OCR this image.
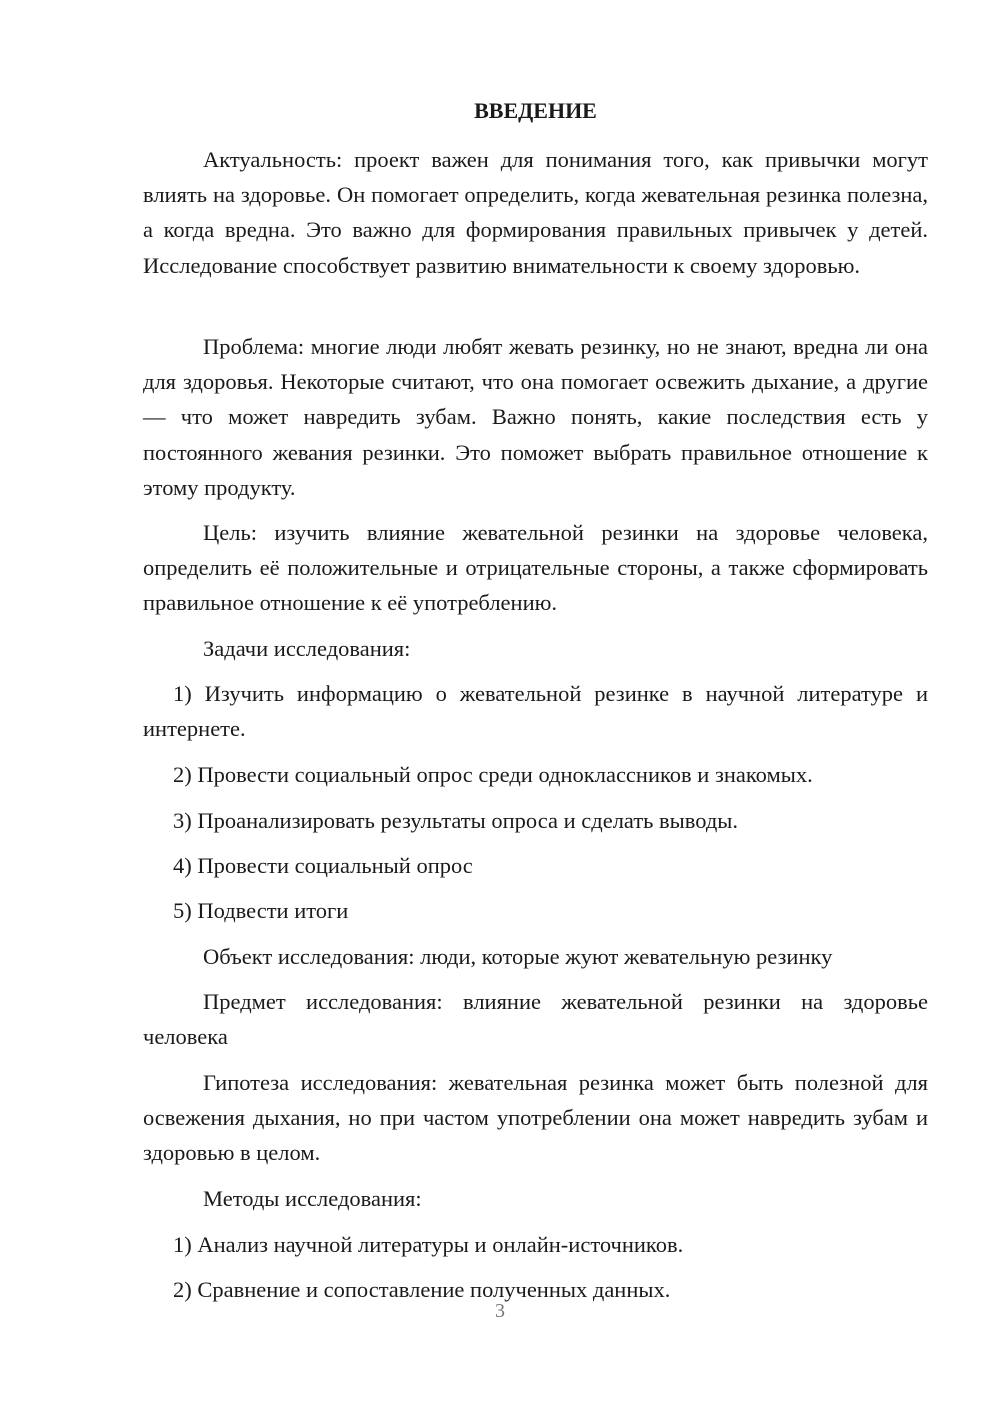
ВВЕДЕНИЕ

Актуальность: проект важен для понимания того, как привычки могут влиять на здоровье. Он помогает определить, когда жевательная резинка полезна, а когда вредна. Это важно для формирования правильных привычек у детей. Исследование способствует развитию внимательности к своему здоровью.

Проблема: многие люди любят жевать резинку, но не знают, вредна ли она для здоровья. Некоторые считают, что она помогает освежить дыхание, а другие — что может навредить зубам. Важно понять, какие последствия есть у постоянного жевания резинки. Это поможет выбрать правильное отношение к этому продукту.

Цель: изучить влияние жевательной резинки на здоровье человека, определить её положительные и отрицательные стороны, а также сформировать правильное отношение к её употреблению.

Задачи исследования:

1) Изучить информацию о жевательной резинке в научной литературе и интернете.

2) Провести социальный опрос среди одноклассников и знакомых.

3) Проанализировать результаты опроса и сделать выводы.

4) Провести социальный опрос

5) Подвести итоги

Объект исследования: люди, которые жуют жевательную резинку

Предмет исследования: влияние жевательной резинки на здоровье человека

Гипотеза исследования: жевательная резинка может быть полезной для освежения дыхания, но при частом употреблении она может навредить зубам и здоровью в целом.

Методы исследования:

1) Анализ научной литературы и онлайн-источников.

2) Сравнение и сопоставление полученных данных.

3
